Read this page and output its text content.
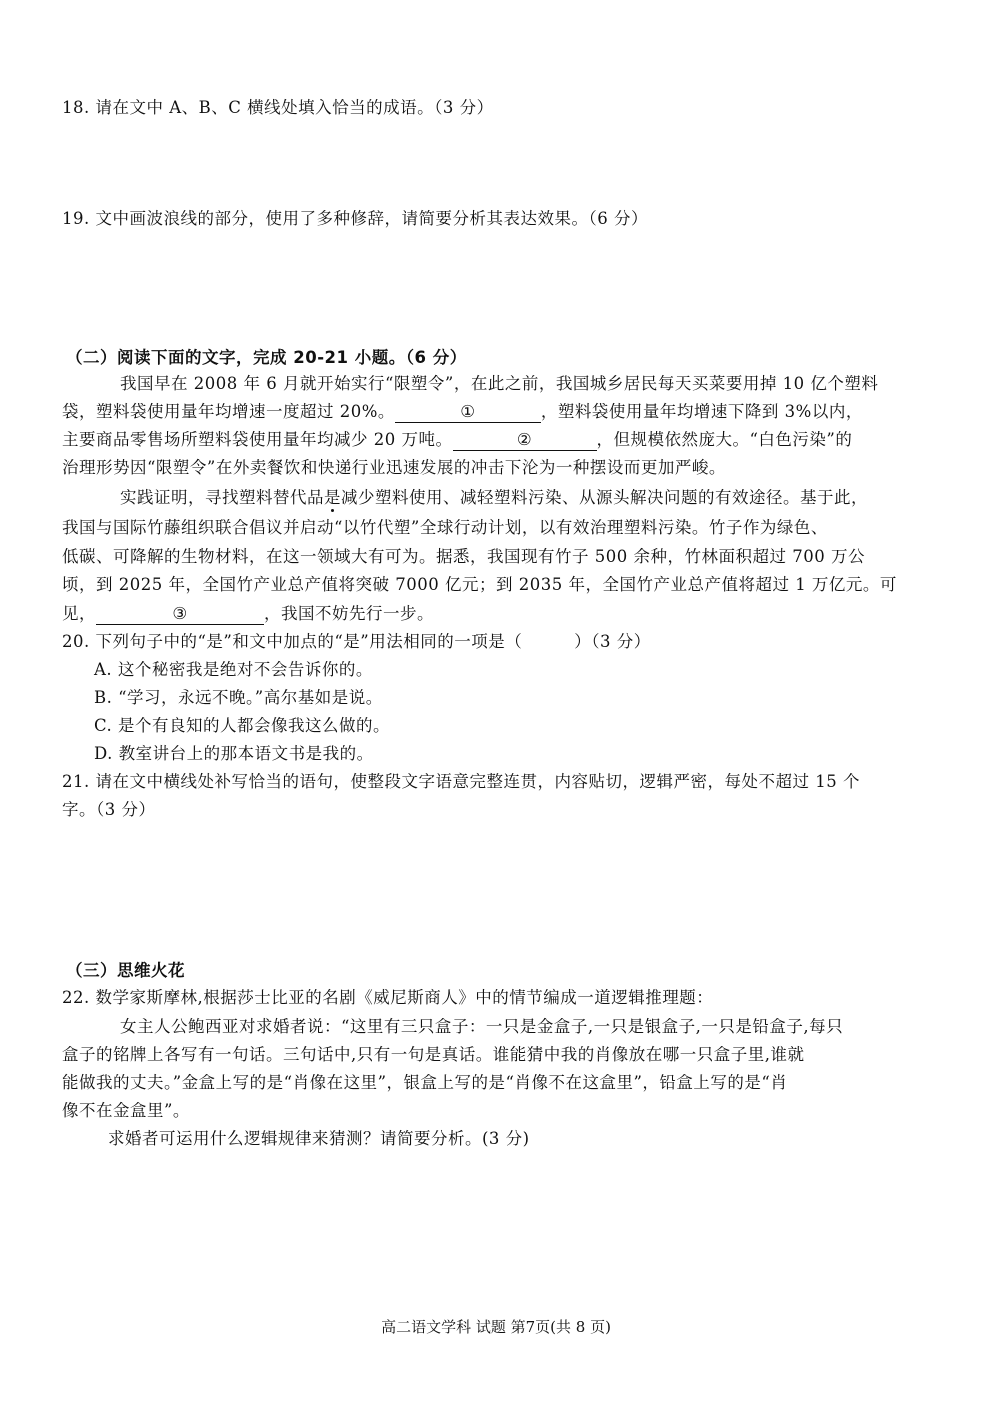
18. 请在文中 A、B、C 横线处填入恰当的成语。（3 分）
19. 文中画波浪线的部分，使用了多种修辞，请简要分析其表达效果。（6 分）
（二）阅读下面的文字，完成 20-21 小题。（6 分）
我国早在 2008 年 6 月就开始实行“限塑令”，在此之前，我国城乡居民每天买菜要用掉 10 亿个塑料
袋，塑料袋使用量年均增速一度超过 20%。	①	，塑料袋使用量年均增速下降到 3%以内，
主要商品零售场所塑料袋使用量年均减少 20 万吨。	②	，但规模依然庞大。“白色污染”的
治理形势因“限塑令”在外卖餐饮和快递行业迅速发展的冲击下沦为一种摆设而更加严峻。
实践证明，寻找塑料替代品是减少塑料使用、减轻塑料污染、从源头解决问题的有效途径。基于此，
我国与国际竹藤组织联合倡议并启动“以竹代塑”全球行动计划，以有效治理塑料污染。竹子作为绿色、
低碳、可降解的生物材料，在这一领域大有可为。据悉，我国现有竹子 500 余种，竹林面积超过 700 万公
顷，到 2025 年，全国竹产业总产值将突破 7000 亿元；到 2035 年，全国竹产业总产值将超过 1 万亿元。可
见，	③	，我国不妨先行一步。
20. 下列句子中的“是”和文中加点的“是”用法相同的一项是（	）（3 分）
A. 这个秘密我是绝对不会告诉你的。
B. “学习，永远不晚。”高尔基如是说。
C. 是个有良知的人都会像我这么做的。
D. 教室讲台上的那本语文书是我的。
21. 请在文中横线处补写恰当的语句，使整段文字语意完整连贯，内容贴切，逻辑严密，每处不超过 15 个
字。（3 分）
（三）思维火花
22. 数学家斯摩林,根据莎士比亚的名剧《威尼斯商人》中的情节编成一道逻辑推理题：
女主人公鲍西亚对求婚者说：“这里有三只盒子：一只是金盒子,一只是银盒子,一只是铅盒子,每只
盒子的铭牌上各写有一句话。三句话中,只有一句是真话。谁能猜中我的肖像放在哪一只盒子里,谁就
能做我的丈夫。”金盒上写的是“肖像在这里”，银盒上写的是“肖像不在这盒里”，铅盒上写的是“肖
像不在金盒里”。
求婚者可运用什么逻辑规律来猜测？请简要分析。(3 分)
高二语文学科 试题 第7页(共 8 页)
